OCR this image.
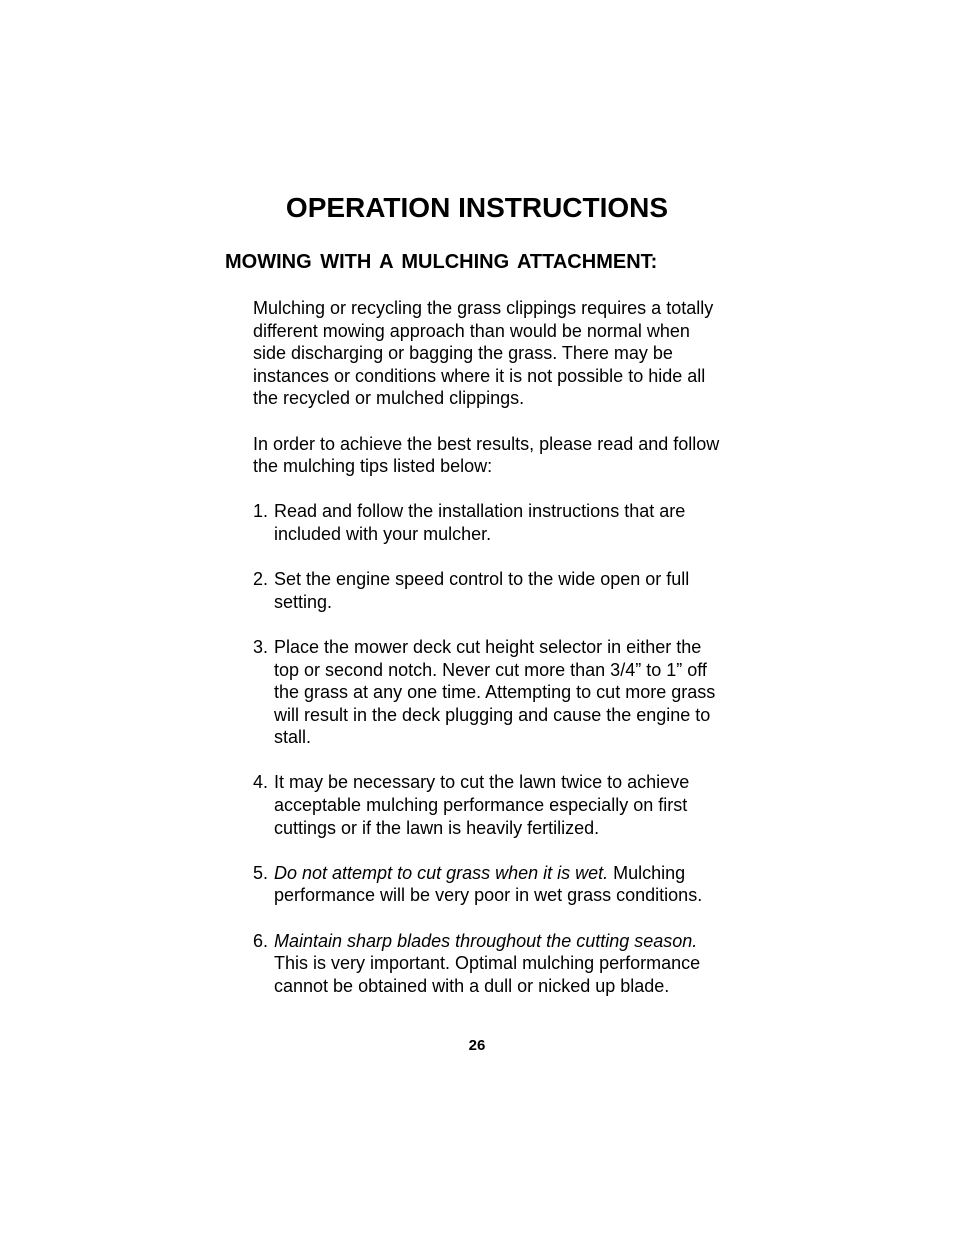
OPERATION INSTRUCTIONS
MOWING WITH A MULCHING ATTACHMENT:

Mulching or recycling the grass clippings requires a totally different mowing approach than would be normal when side discharging or bagging the grass. There may be instances or conditions where it is not possible to hide all the recycled or mulched clippings.

In order to achieve the best results, please read and follow the mulching tips listed below:

1. Read and follow the installation instructions that are included with your mulcher.
2. Set the engine speed control to the wide open or full setting.
3. Place the mower deck cut height selector in either the top or second notch. Never cut more than 3/4” to 1” off the grass at any one time. Attempting to cut more grass will result in the deck plugging and cause the engine to stall.
4. It may be necessary to cut the lawn twice to achieve acceptable mulching performance especially on first cuttings or if the lawn is heavily fertilized.
5. Do not attempt to cut grass when it is wet. Mulching performance will be very poor in wet grass conditions.
6. Maintain sharp blades throughout the cutting season.
This is very important. Optimal mulching performance cannot be obtained with a dull or nicked up blade.
26
